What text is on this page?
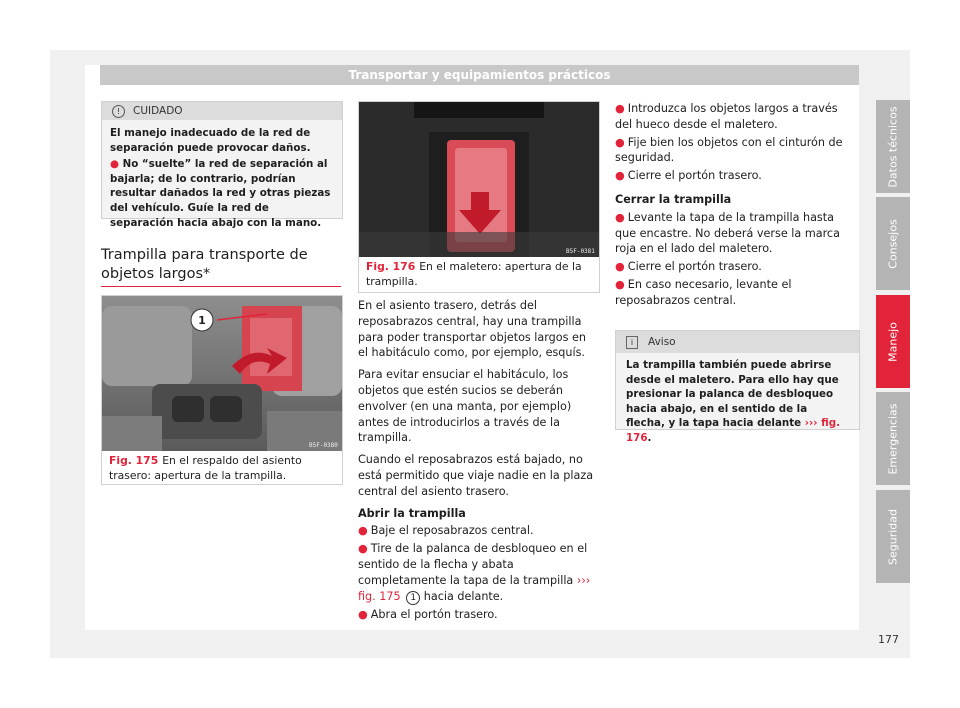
Transportar y equipamientos prácticos
! CUIDADO

El manejo inadecuado de la red de separación puede provocar daños.

● No “suelte” la red de separación al bajarla; de lo contrario, podrían resultar dañados la red y otras piezas del vehículo. Guíe la red de separación hacia abajo con la mano.

Trampilla para transporte de objetos largos*
1
B5F-0380
Fig. 175 En el respaldo del asiento trasero: apertura de la trampilla.
B5F-0381
Fig. 176 En el maletero: apertura de la trampilla.

En el asiento trasero, detrás del reposabrazos central, hay una trampilla para poder transportar objetos largos en el habitáculo como, por ejemplo, esquís.

Para evitar ensuciar el habitáculo, los objetos que estén sucios se deberán envolver (en una manta, por ejemplo) antes de introducirlos a través de la trampilla.

Cuando el reposabrazos está bajado, no está permitido que viaje nadie en la plaza central del asiento trasero.

Abrir la trampilla

● Baje el reposabrazos central.

● Tire de la palanca de desbloqueo en el sentido de la flecha y abata completamente la tapa de la trampilla ››› fig. 175 1 hacia delante.

● Abra el portón trasero.

● Introduzca los objetos largos a través del hueco desde el maletero.

● Fije bien los objetos con el cinturón de seguridad.

● Cierre el portón trasero.

Cerrar la trampilla

● Levante la tapa de la trampilla hasta que encastre. No deberá verse la marca roja en el lado del maletero.

● Cierre el portón trasero.

● En caso necesario, levante el reposabrazos central.

i Aviso
La trampilla también puede abrirse desde el maletero. Para ello hay que presionar la palanca de desbloqueo hacia abajo, en el sentido de la flecha, y la tapa hacia delante ››› fig. 176.
Datos técnicos
Consejos
Manejo
Emergencias
Seguridad
177
